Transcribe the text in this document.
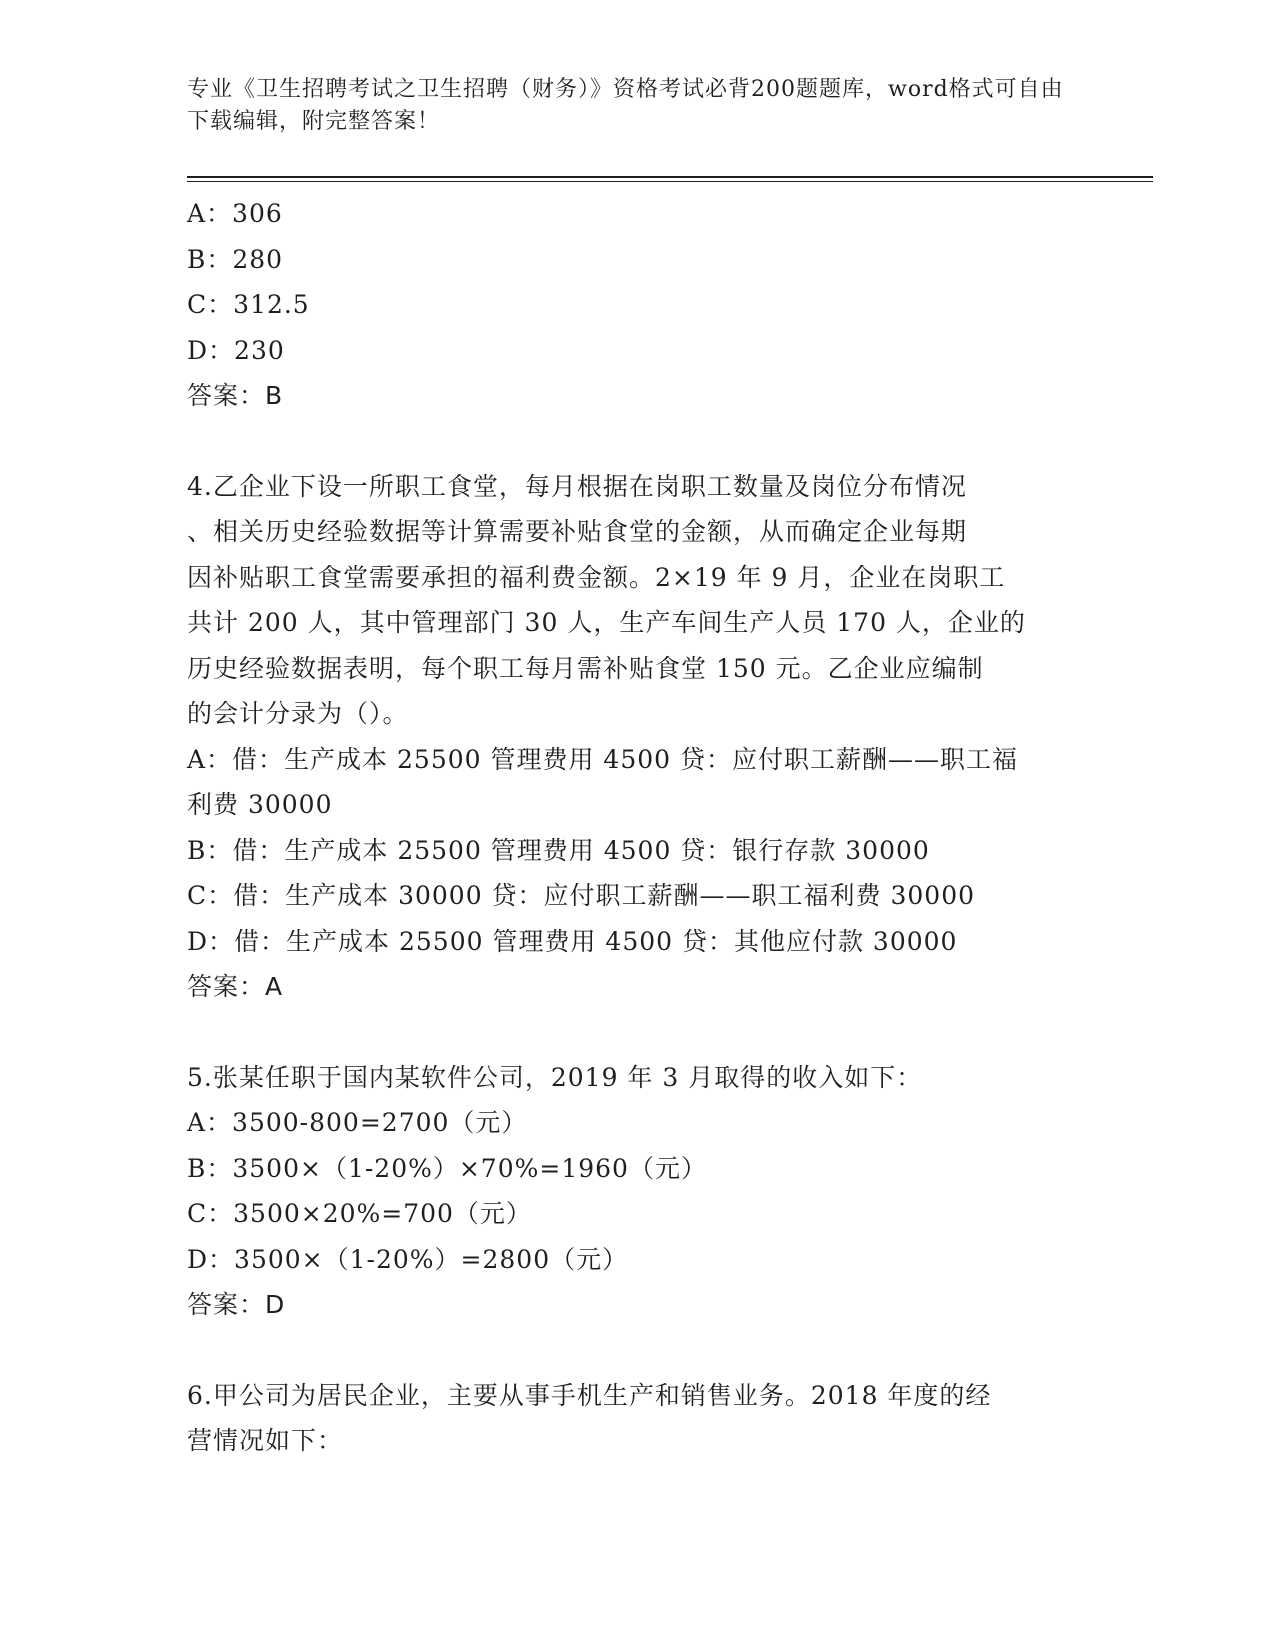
专业《卫生招聘考试之卫生招聘（财务）》资格考试必背200题题库，word格式可自由下载编辑，附完整答案！

A：306

B：280

C：312.5

D：230

答案：B

4.乙企业下设一所职工食堂，每月根据在岗职工数量及岗位分布情况

、相关历史经验数据等计算需要补贴食堂的金额，从而确定企业每期

因补贴职工食堂需要承担的福利费金额。2×19 年 9 月，企业在岗职工

共计 200 人，其中管理部门 30 人，生产车间生产人员 170 人，企业的

历史经验数据表明，每个职工每月需补贴食堂 150 元。乙企业应编制

的会计分录为（）。

A：借：生产成本 25500 管理费用 4500 贷：应付职工薪酬——职工福

利费 30000

B：借：生产成本 25500 管理费用 4500 贷：银行存款 30000

C：借：生产成本 30000 贷：应付职工薪酬——职工福利费 30000

D：借：生产成本 25500 管理费用 4500 贷：其他应付款 30000

答案：A

5.张某任职于国内某软件公司，2019 年 3 月取得的收入如下：

A：3500-800=2700（元）

B：3500×（1-20%）×70%=1960（元）

C：3500×20%=700（元）

D：3500×（1-20%）=2800（元）

答案：D

6.甲公司为居民企业，主要从事手机生产和销售业务。2018 年度的经

营情况如下：
